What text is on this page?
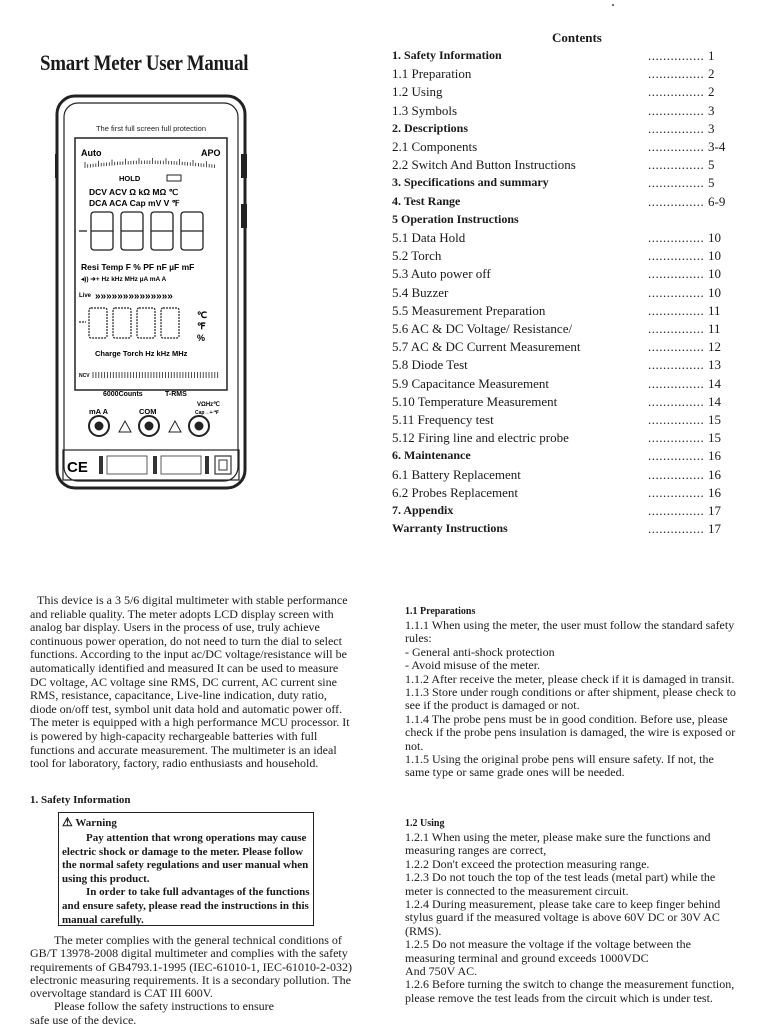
Smart Meter User Manual
The first full screen full protection
Auto	APO
HOLD
DCV ACV Ω kΩ MΩ ℃
DCA ACA Cap mV V ℉
Resi Temp F % PF nF µF mF
◂)) ➔+ Hz kHz MHz µA mA A
Live »»»»»»»»»»»»»»
℃
℉
%
Charge Torch Hz kHz MHz
NCV
6000Counts	T-RMS
mA A	COM
VΩHz℃
Cap→+·℉
CE
Contents
1. Safety Information	............... 1
1.1 Preparation	............... 2
1.2 Using	............... 2
1.3 Symbols	............... 3
2. Descriptions	............... 3
2.1 Components	............... 3-4
2.2 Switch And Button Instructions	............... 5
3. Specifications and summary	............... 5
4. Test Range	............... 6-9
5 Operation Instructions
5.1 Data Hold	............... 10
5.2 Torch	............... 10
5.3 Auto power off	............... 10
5.4 Buzzer	............... 10
5.5 Measurement Preparation	............... 11
5.6 AC & DC Voltage/ Resistance/	............... 11
5.7 AC & DC Current Measurement	............... 12
5.8 Diode Test	............... 13
5.9 Capacitance Measurement	............... 14
5.10 Temperature Measurement	............... 14
5.11 Frequency test	............... 15
5.12 Firing line and electric probe	............... 15
6. Maintenance	............... 16
6.1 Battery Replacement	............... 16
6.2 Probes Replacement	............... 16
7. Appendix	............... 17
Warranty Instructions	............... 17
This device is a 3 5/6 digital multimeter with stable performance and reliable quality. The meter adopts LCD display screen with analog bar display. Users in the process of use, truly achieve continuous power operation, do not need to turn the dial to select functions. According to the input ac/DC voltage/resistance will be automatically identified and measured It can be used to measure DC voltage, AC voltage sine RMS, DC current, AC current sine RMS, resistance, capacitance, Live-line indication, duty ratio, diode on/off test, symbol unit data hold and automatic power off. The meter is equipped with a high performance MCU processor. It is powered by high-capacity rechargeable batteries with full functions and accurate measurement. The multimeter is an ideal tool for laboratory, factory, radio enthusiasts and household.
1. Safety Information
⚠ Warning

Pay attention that wrong operations may cause electric shock or damage to the meter. Please follow the normal safety regulations and user manual when using this product.

In order to take full advantages of the functions and ensure safety, please read the instructions in this manual carefully.

The meter complies with the general technical conditions of GB/T 13978-2008 digital multimeter and complies with the safety requirements of GB4793.1-1995 (IEC-61010-1, IEC-61010-2-032) electronic measuring requirements. It is a secondary pollution. The overvoltage standard is CAT III 600V.

Please follow the safety instructions to ensure

safe use of the device.

1.1 Preparations

1.1.1 When using the meter, the user must follow the standard safety rules:

- General anti-shock protection

- Avoid misuse of the meter.

1.1.2 After receive the meter, please check if it is damaged in transit.

1.1.3 Store under rough conditions or after shipment, please check to see if the product is damaged or not.

1.1.4 The probe pens must be in good condition. Before use, please check if the probe pens insulation is damaged, the wire is exposed or not.

1.1.5 Using the original probe pens will ensure safety. If not, the same type or same grade ones will be needed.

1.2 Using

1.2.1 When using the meter, please make sure the functions and measuring ranges are correct,

1.2.2 Don't exceed the protection measuring range.

1.2.3 Do not touch the top of the test leads (metal part) while the meter is connected to the measurement circuit.

1.2.4 During measurement, please take care to keep finger behind stylus guard if the measured voltage is above 60V DC or 30V AC (RMS).

1.2.5 Do not measure the voltage if the voltage between the measuring terminal and ground exceeds 1000VDC

And 750V AC.

1.2.6 Before turning the switch to change the measurement function, please remove the test leads from the circuit which is under test.
